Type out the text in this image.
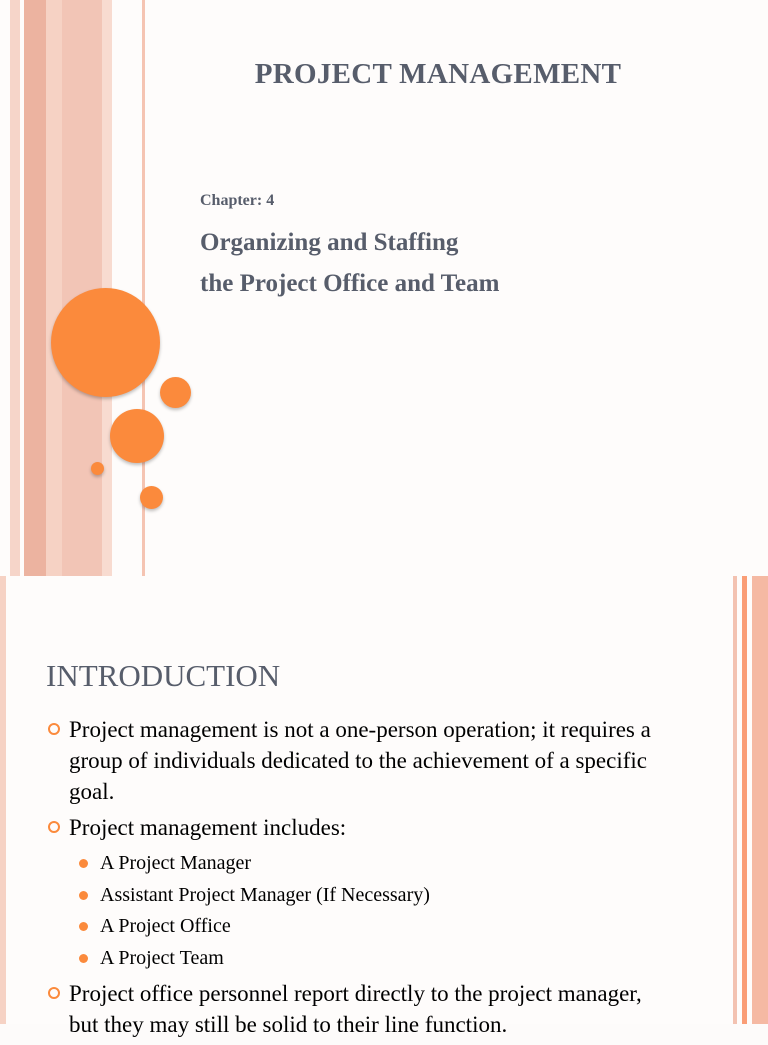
PROJECT MANAGEMENT
Chapter: 4
Organizing and Staffing
the Project Office and Team
INTRODUCTION
Project management is not a one-person operation; it requires a group of individuals dedicated to the achievement of a specific goal.
Project management includes:
A Project Manager
Assistant Project Manager (If Necessary)
A Project Office
A Project Team
Project office personnel report directly to the project manager, but they may still be solid to their line function.
